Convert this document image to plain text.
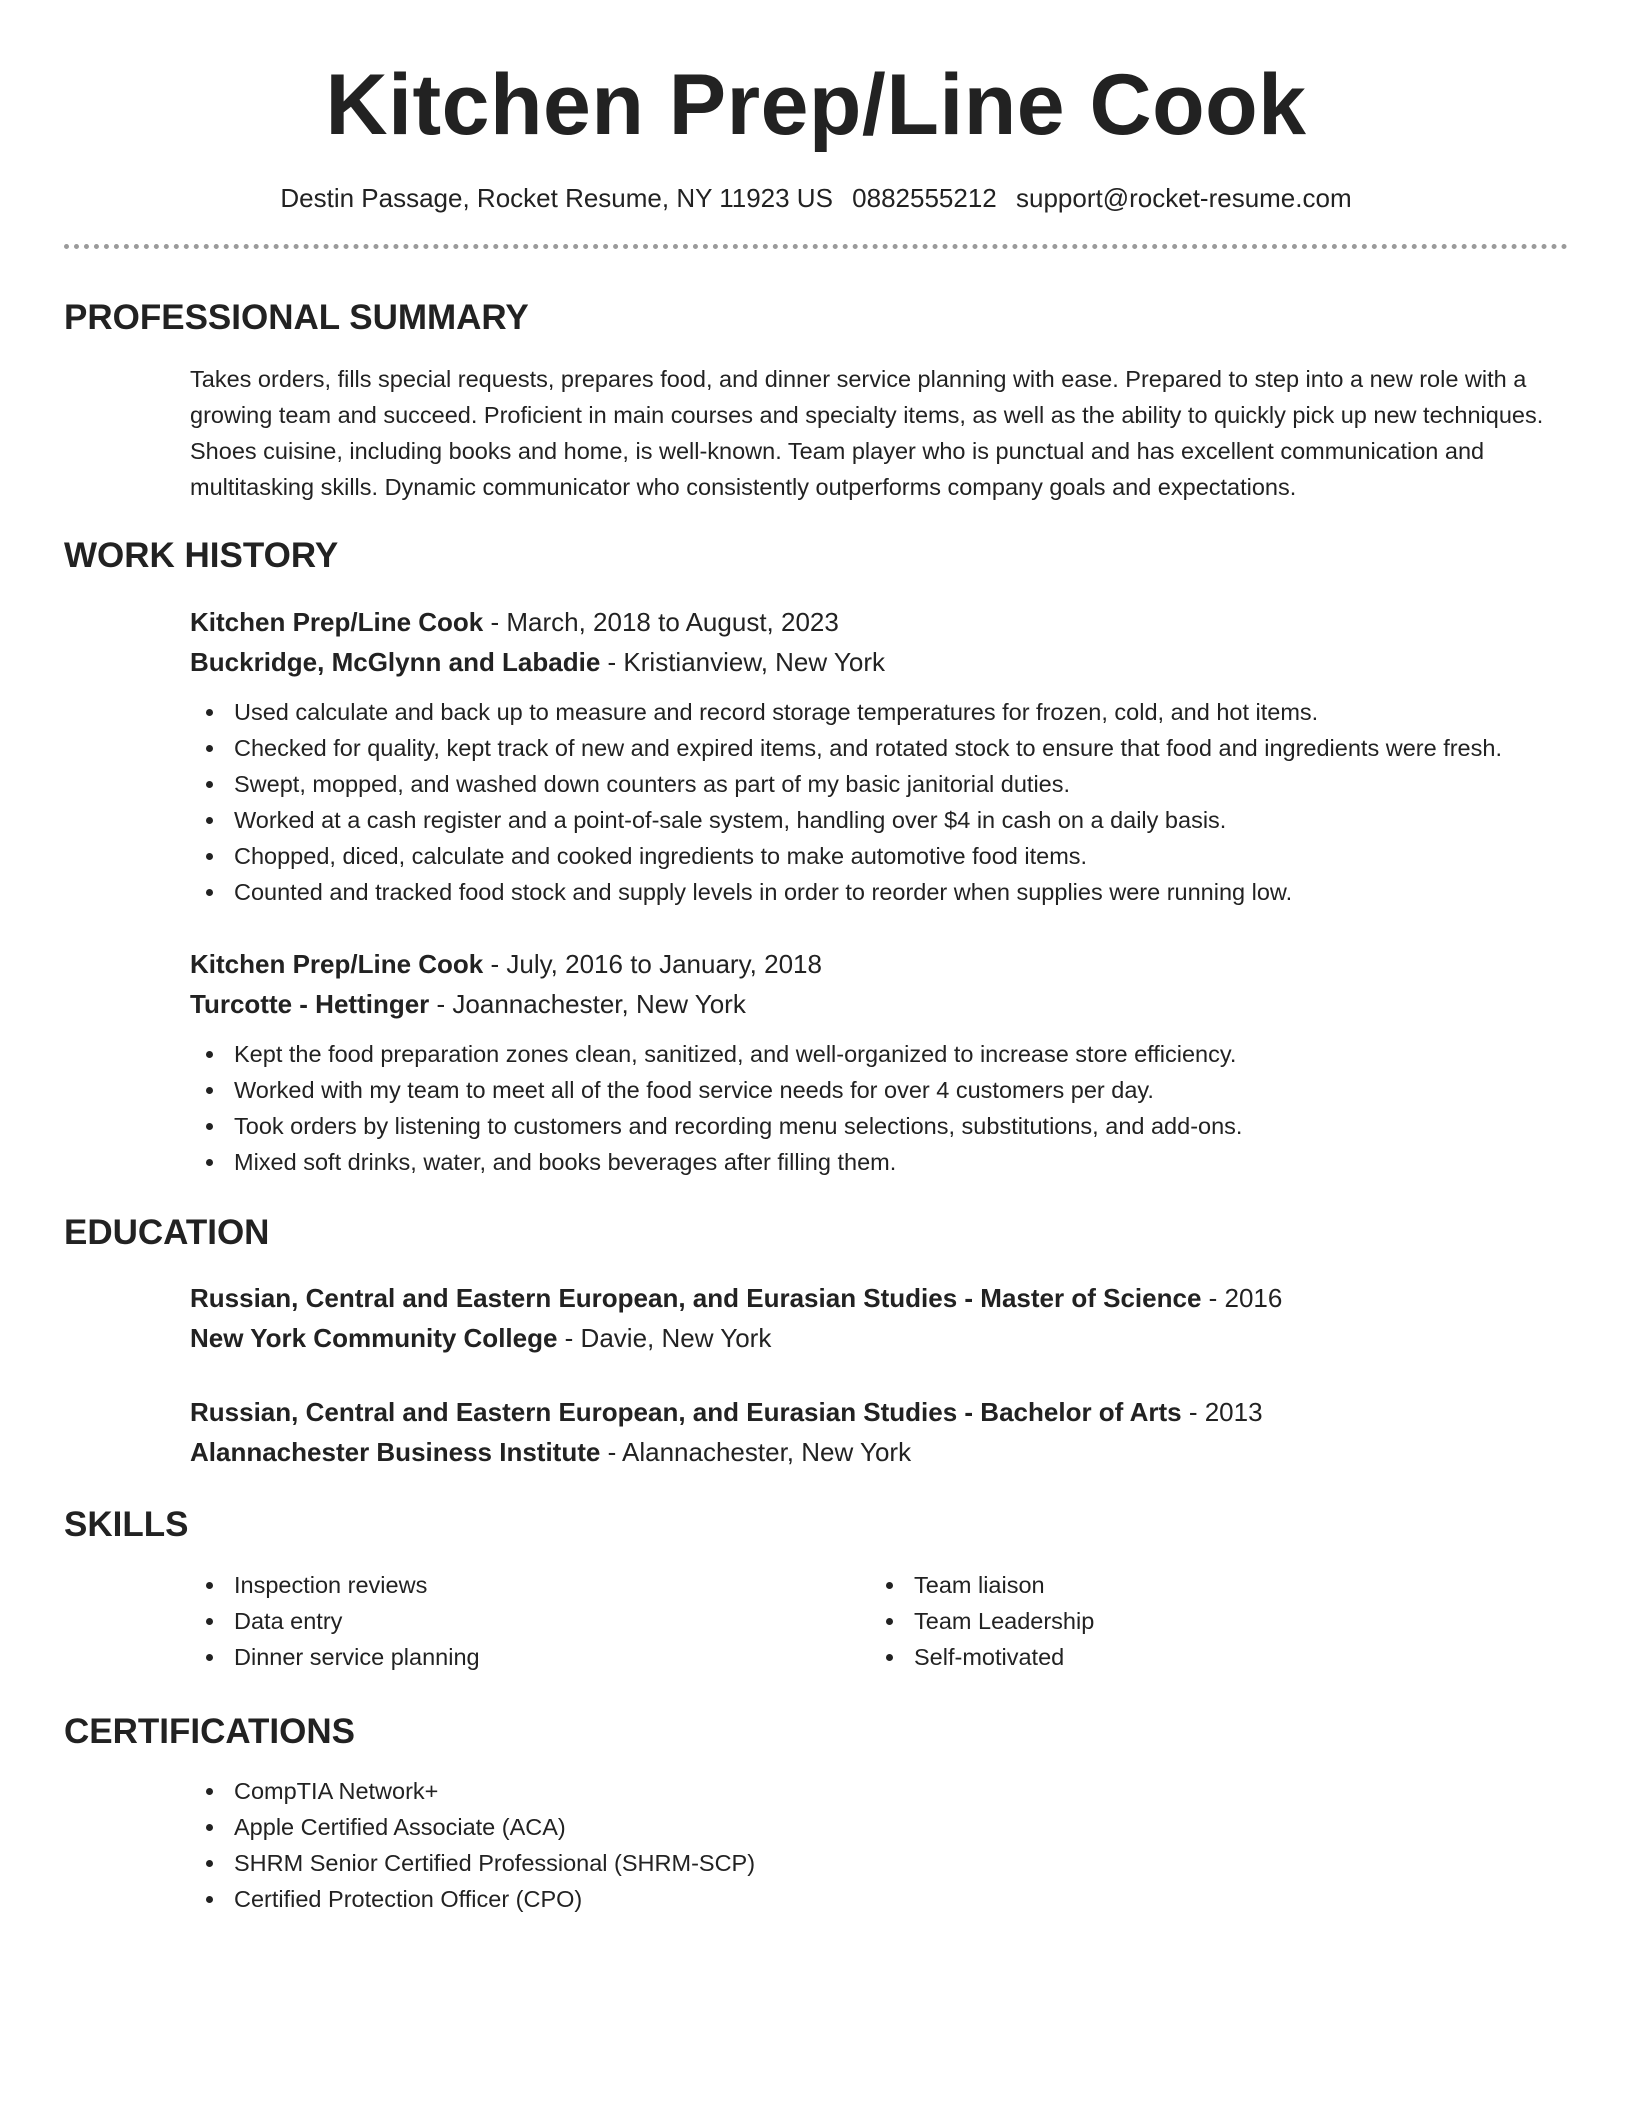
Kitchen Prep/Line Cook
Destin Passage, Rocket Resume, NY 11923 US 0882555212 support@rocket-resume.com
PROFESSIONAL SUMMARY

Takes orders, fills special requests, prepares food, and dinner service planning with ease. Prepared to step into a new role with a growing team and succeed. Proficient in main courses and specialty items, as well as the ability to quickly pick up new techniques. Shoes cuisine, including books and home, is well-known. Team player who is punctual and has excellent communication and multitasking skills. Dynamic communicator who consistently outperforms company goals and expectations.

WORK HISTORY
Kitchen Prep/Line Cook - March, 2018 to August, 2023
Buckridge, McGlynn and Labadie - Kristianview, New York
Used calculate and back up to measure and record storage temperatures for frozen, cold, and hot items.
Checked for quality, kept track of new and expired items, and rotated stock to ensure that food and ingredients were fresh.
Swept, mopped, and washed down counters as part of my basic janitorial duties.
Worked at a cash register and a point-of-sale system, handling over $4 in cash on a daily basis.
Chopped, diced, calculate and cooked ingredients to make automotive food items.
Counted and tracked food stock and supply levels in order to reorder when supplies were running low.
Kitchen Prep/Line Cook - July, 2016 to January, 2018
Turcotte - Hettinger - Joannachester, New York
Kept the food preparation zones clean, sanitized, and well-organized to increase store efficiency.
Worked with my team to meet all of the food service needs for over 4 customers per day.
Took orders by listening to customers and recording menu selections, substitutions, and add-ons.
Mixed soft drinks, water, and books beverages after filling them.
EDUCATION
Russian, Central and Eastern European, and Eurasian Studies - Master of Science - 2016
New York Community College - Davie, New York
Russian, Central and Eastern European, and Eurasian Studies - Bachelor of Arts - 2013
Alannachester Business Institute - Alannachester, New York
SKILLS
Inspection reviews
Data entry
Dinner service planning
Team liaison
Team Leadership
Self-motivated
CERTIFICATIONS
CompTIA Network+
Apple Certified Associate (ACA)
SHRM Senior Certified Professional (SHRM-SCP)
Certified Protection Officer (CPO)
